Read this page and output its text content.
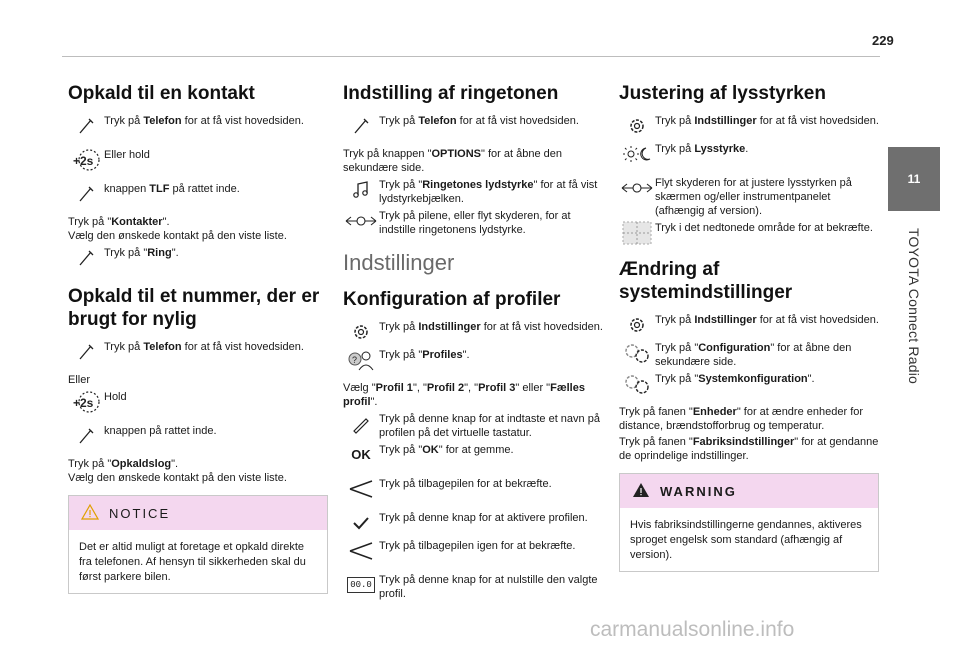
229
11
TOYOTA Connect Radio
Opkald til en kontakt
Tryk på Telefon for at få vist hovedsiden.
+2s Eller hold
knappen TLF på rattet inde.

Tryk på "Kontakter".
Vælg den ønskede kontakt på den viste liste.

Tryk på "Ring".
Opkald til et nummer, der er brugt for nylig
Tryk på Telefon for at få vist hovedsiden.

Eller

+2s Hold
knappen på rattet inde.

Tryk på "Opkaldslog".
Vælg den ønskede kontakt på den viste liste.

NOTICE
Det er altid muligt at foretage et opkald direkte fra telefonen. Af hensyn til sikkerheden skal du først parkere bilen.
Indstilling af ringetonen
Tryk på Telefon for at få vist hovedsiden.

Tryk på knappen "OPTIONS" for at åbne den sekundære side.

Tryk på "Ringetones lydstyrke" for at få vist lydstyrkebjælken.
Tryk på pilene, eller flyt skyderen, for at indstille ringetonens lydstyrke.
Indstillinger
Konfiguration af profiler
Tryk på Indstillinger for at få vist hovedsiden.
? Tryk på "Profiles".

Vælg "Profil 1", "Profil 2", "Profil 3" eller "Fælles profil".

Tryk på denne knap for at indtaste et navn på profilen på det virtuelle tastatur.
OK Tryk på "OK" for at gemme.
Tryk på tilbagepilen for at bekræfte.
Tryk på denne knap for at aktivere profilen.
Tryk på tilbagepilen igen for at bekræfte.
00.0 Tryk på denne knap for at nulstille den valgte profil.
Justering af lysstyrken
Tryk på Indstillinger for at få vist hovedsiden.
Tryk på Lysstyrke.
Flyt skyderen for at justere lysstyrken på skærmen og/eller instrumentpanelet (afhængig af version).
Tryk i det nedtonede område for at bekræfte.
Ændring af systemindstillinger
Tryk på Indstillinger for at få vist hovedsiden.
Tryk på "Configuration" for at åbne den sekundære side.
Tryk på "Systemkonfiguration".

Tryk på fanen "Enheder" for at ændre enheder for distance, brændstofforbrug og temperatur.

Tryk på fanen "Fabriksindstillinger" for at gendanne de oprindelige indstillinger.

WARNING
Hvis fabriksindstillingerne gendannes, aktiveres sproget engelsk som standard (afhængig af version).
carmanualsonline.info
